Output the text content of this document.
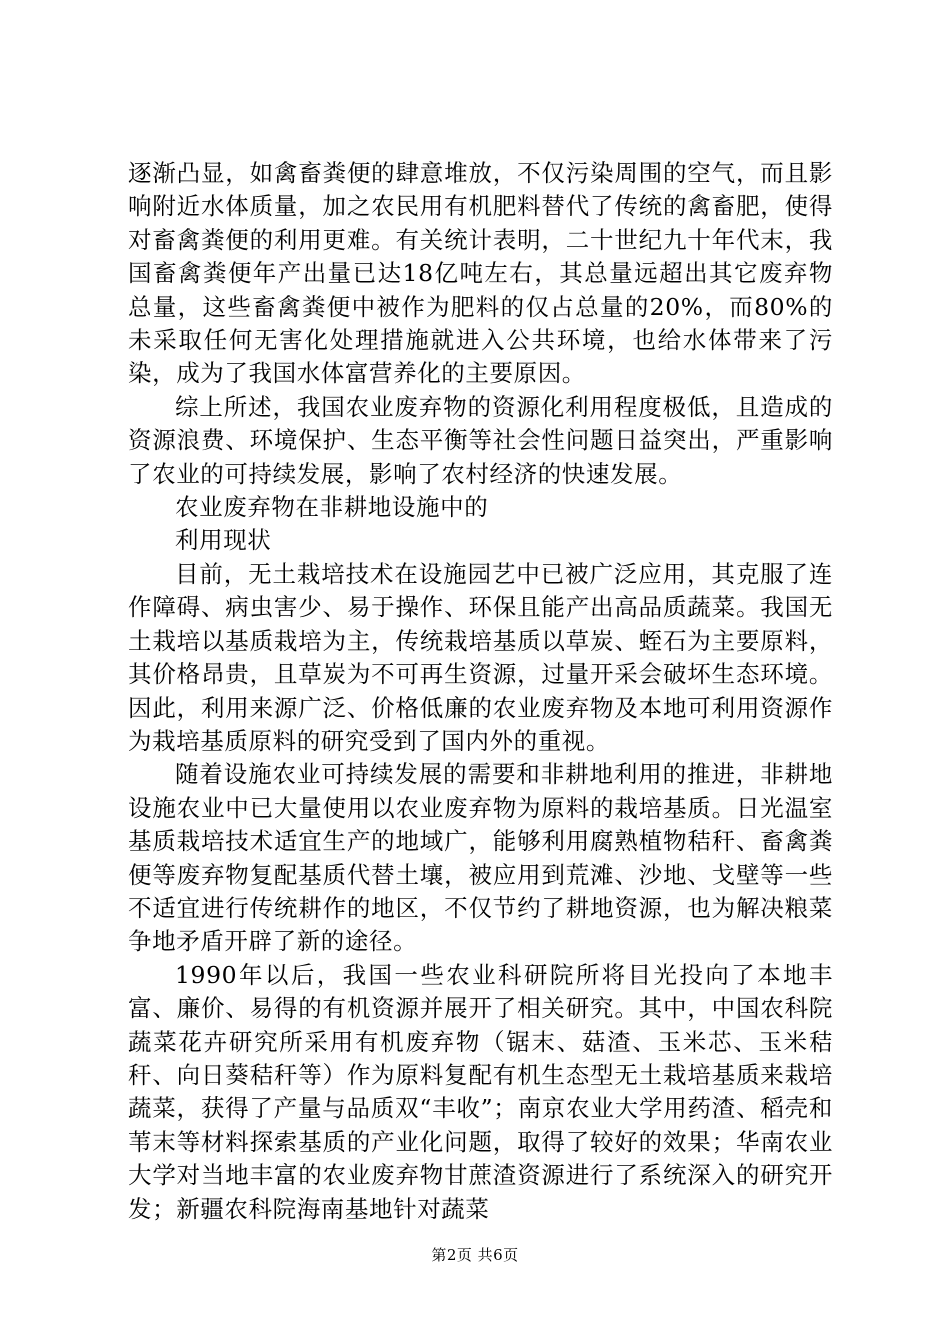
逐渐凸显，如禽畜粪便的肆意堆放，不仅污染周围的空气，而且影响附近水体质量，加之农民用有机肥料替代了传统的禽畜肥，使得对畜禽粪便的利用更难。有关统计表明，二十世纪九十年代末，我国畜禽粪便年产出量已达18亿吨左右，其总量远超出其它废弃物总量，这些畜禽粪便中被作为肥料的仅占总量的20%，而80%的未采取任何无害化处理措施就进入公共环境，也给水体带来了污染，成为了我国水体富营养化的主要原因。

综上所述，我国农业废弃物的资源化利用程度极低，且造成的资源浪费、环境保护、生态平衡等社会性问题日益突出，严重影响了农业的可持续发展，影响了农村经济的快速发展。

农业废弃物在非耕地设施中的

利用现状

目前，无土栽培技术在设施园艺中已被广泛应用，其克服了连作障碍、病虫害少、易于操作、环保且能产出高品质蔬菜。我国无土栽培以基质栽培为主，传统栽培基质以草炭、蛭石为主要原料，其价格昂贵，且草炭为不可再生资源，过量开采会破坏生态环境。因此，利用来源广泛、价格低廉的农业废弃物及本地可利用资源作为栽培基质原料的研究受到了国内外的重视。

随着设施农业可持续发展的需要和非耕地利用的推进，非耕地设施农业中已大量使用以农业废弃物为原料的栽培基质。日光温室基质栽培技术适宜生产的地域广，能够利用腐熟植物秸秆、畜禽粪便等废弃物复配基质代替土壤，被应用到荒滩、沙地、戈壁等一些不适宜进行传统耕作的地区，不仅节约了耕地资源，也为解决粮菜争地矛盾开辟了新的途径。

1990年以后，我国一些农业科研院所将目光投向了本地丰富、廉价、易得的有机资源并展开了相关研究。其中，中国农科院蔬菜花卉研究所采用有机废弃物（锯末、菇渣、玉米芯、玉米秸秆、向日葵秸秆等）作为原料复配有机生态型无土栽培基质来栽培蔬菜，获得了产量与品质双“丰收”；南京农业大学用药渣、稻壳和苇末等材料探索基质的产业化问题，取得了较好的效果；华南农业大学对当地丰富的农业废弃物甘蔗渣资源进行了系统深入的研究开发；新疆农科院海南基地针对蔬菜

第2页 共6页
